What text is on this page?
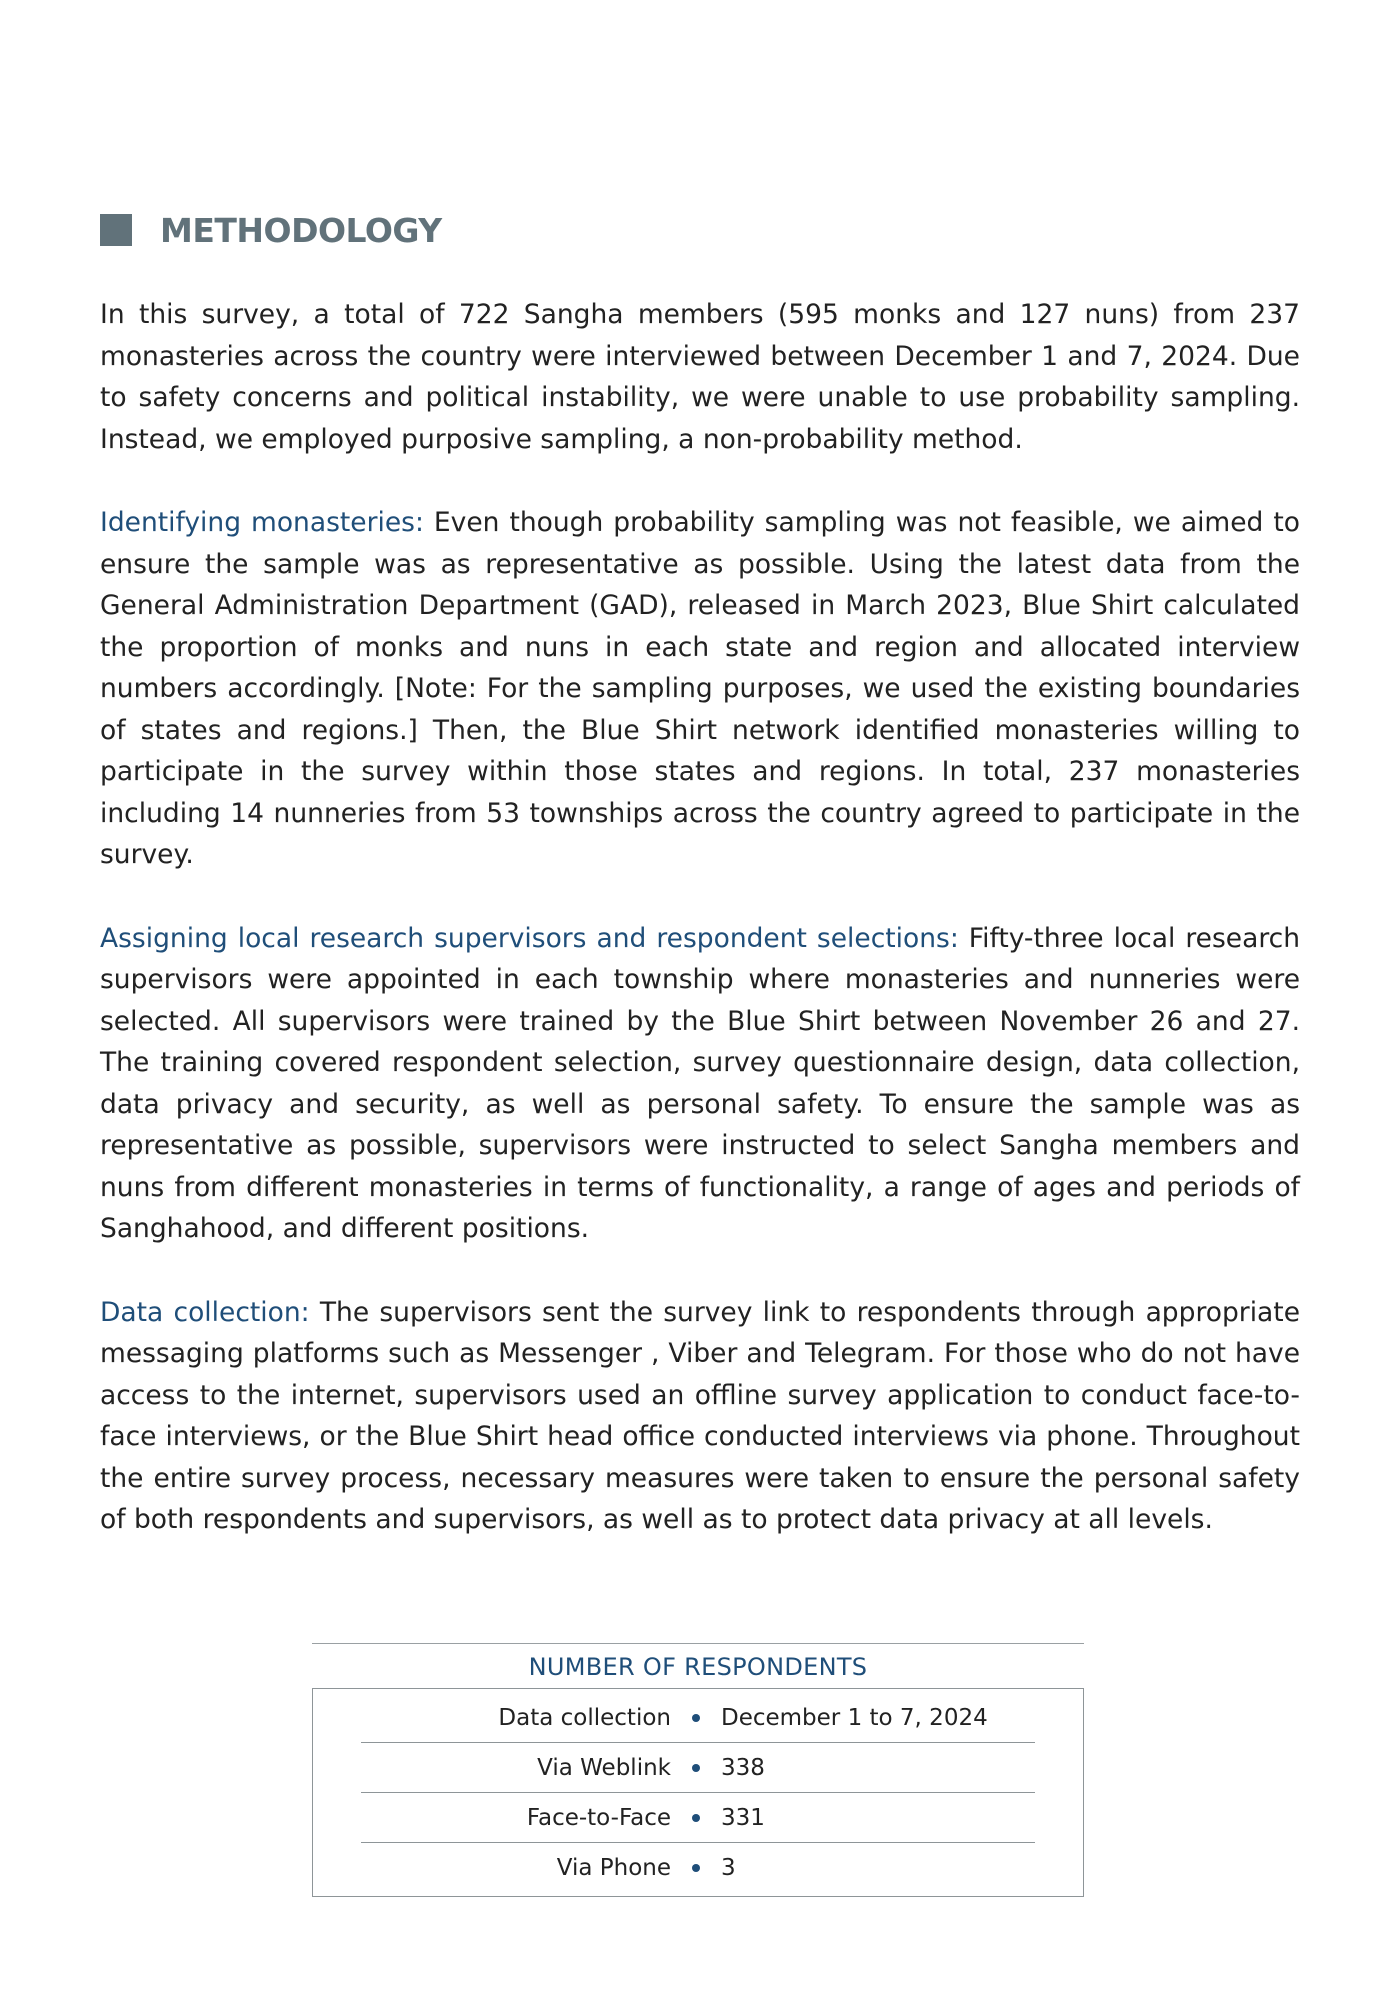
METHODOLOGY

In this survey, a total of 722 Sangha members (595 monks and 127 nuns) from 237 monasteries across the country were interviewed between December 1 and 7, 2024. Due to safety concerns and political instability, we were unable to use probability sampling. Instead, we employed purposive sampling, a non-probability method.

Identifying monasteries: Even though probability sampling was not feasible, we aimed to ensure the sample was as representative as possible. Using the latest data from the General Administration Department (GAD), released in March 2023, Blue Shirt calculated the proportion of monks and nuns in each state and region and allocated interview numbers accordingly. [Note: For the sampling purposes, we used the existing boundaries of states and regions.] Then, the Blue Shirt network identified monasteries willing to participate in the survey within those states and regions. In total, 237 monasteries including 14 nunneries from 53 townships across the country agreed to participate in the survey.

Assigning local research supervisors and respondent selections: Fifty-three local research supervisors were appointed in each township where monasteries and nunneries were selected. All supervisors were trained by the Blue Shirt between November 26 and 27. The training covered respondent selection, survey questionnaire design, data collection, data privacy and security, as well as personal safety. To ensure the sample was as representative as possible, supervisors were instructed to select Sangha members and nuns from different monasteries in terms of functionality, a range of ages and periods of Sanghahood, and different positions.

Data collection: The supervisors sent the survey link to respondents through appropriate messaging platforms such as Messenger , Viber and Telegram. For those who do not have access to the internet, supervisors used an offline survey application to conduct face-to-face interviews, or the Blue Shirt head office conducted interviews via phone. Throughout the entire survey process, necessary measures were taken to ensure the personal safety of both respondents and supervisors, as well as to protect data privacy at all levels.

NUMBER OF RESPONDENTS
Data collection December 1 to 7, 2024
Via Weblink 338
Face-to-Face 331
Via Phone 3
